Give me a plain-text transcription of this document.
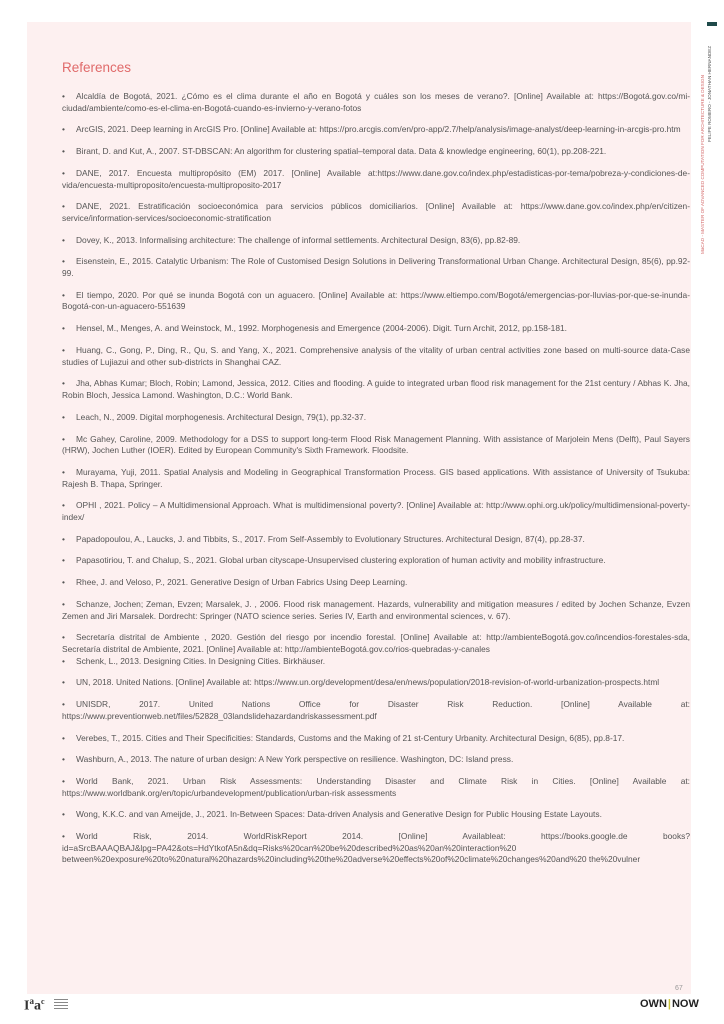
MaCAD - MASTER OF ADVANCED COMPUTATION FOR ARCHITECTURE & DESIGN FELIPE ROMERO - JONATHAN HERNANDEZ
References

• Alcaldía de Bogotá, 2021. ¿Cómo es el clima durante el año en Bogotá y cuáles son los meses de verano?. [Online] Available at: https://Bogotá.gov.co/mi-ciudad/ambiente/como-es-el-clima-en-Bogotá-cuando-es-invierno-y-verano-fotos

• ArcGIS, 2021. Deep learning in ArcGIS Pro. [Online] Available at: https://pro.arcgis.com/en/pro-app/2.7/help/analysis/image-analyst/deep-learning-in-arcgis-pro.htm

• Birant, D. and Kut, A., 2007. ST-DBSCAN: An algorithm for clustering spatial–temporal data. Data & knowledge engineering, 60(1), pp.208-221.

• DANE, 2017. Encuesta multipropósito (EM) 2017. [Online] Available at:https://www.dane.gov.co/index.php/estadisticas-por-tema/pobreza-y-condiciones-de-vida/encuesta-multiproposito/encuesta-multiproposito-2017

• DANE, 2021. Estratificación socioeconómica para servicios públicos domiciliarios. [Online] Available at: https://www.dane.gov.co/index.php/en/citizen-service/information-services/socioeconomic-stratification

• Dovey, K., 2013. Informalising architecture: The challenge of informal settlements. Architectural Design, 83(6), pp.82-89.

• Eisenstein, E., 2015. Catalytic Urbanism: The Role of Customised Design Solutions in Delivering Transformational Urban Change. Architectural Design, 85(6), pp.92-99.

• El tiempo, 2020. Por qué se inunda Bogotá con un aguacero. [Online] Available at: https://www.eltiempo.com/Bogotá/emergencias-por-lluvias-por-que-se-inunda-Bogotá-con-un-aguacero-551639

• Hensel, M., Menges, A. and Weinstock, M., 1992. Morphogenesis and Emergence (2004-2006). Digit. Turn Archit, 2012, pp.158-181.

• Huang, C., Gong, P., Ding, R., Qu, S. and Yang, X., 2021. Comprehensive analysis of the vitality of urban central activities zone based on multi-source data-Case studies of Lujiazui and other sub-districts in Shanghai CAZ.

• Jha, Abhas Kumar; Bloch, Robin; Lamond, Jessica, 2012. Cities and flooding. A guide to integrated urban flood risk management for the 21st century / Abhas K. Jha, Robin Bloch, Jessica Lamond. Washington, D.C.: World Bank.

• Leach, N., 2009. Digital morphogenesis. Architectural Design, 79(1), pp.32-37.

• Mc Gahey, Caroline, 2009. Methodology for a DSS to support long-term Flood Risk Management Planning. With assistance of Marjolein Mens (Delft), Paul Sayers (HRW), Jochen Luther (IOER). Edited by European Community's Sixth Framework. Floodsite.

• Murayama, Yuji, 2011. Spatial Analysis and Modeling in Geographical Transformation Process. GIS based applications. With assistance of University of Tsukuba: Rajesh B. Thapa, Springer.

• OPHI , 2021. Policy – A Multidimensional Approach. What is multidimensional poverty?. [Online] Available at: http://www.ophi.org.uk/policy/multidimensional-poverty-index/

• Papadopoulou, A., Laucks, J. and Tibbits, S., 2017. From Self-Assembly to Evolutionary Structures. Architectural Design, 87(4), pp.28-37.

• Papasotiriou, T. and Chalup, S., 2021. Global urban cityscape-Unsupervised clustering exploration of human activity and mobility infrastructure.

• Rhee, J. and Veloso, P., 2021. Generative Design of Urban Fabrics Using Deep Learning.

• Schanze, Jochen; Zeman, Evzen; Marsalek, J. , 2006. Flood risk management. Hazards, vulnerability and mitigation measures / edited by Jochen Schanze, Evzen Zemen and Jiri Marsalek. Dordrecht: Springer (NATO science series. Series IV, Earth and environmental sciences, v. 67).

• Secretaría distrital de Ambiente , 2020. Gestión del riesgo por incendio forestal. [Online] Available at: http://ambienteBogotá.gov.co/incendios-forestales-sda, Secretaría distrital de Ambiente, 2021. [Online] Available at: http://ambienteBogotá.gov.co/rios-quebradas-y-canales

• Schenk, L., 2013. Designing Cities. In Designing Cities. Birkhäuser.

• UN, 2018. United Nations. [Online] Available at: https://www.un.org/development/desa/en/news/population/2018-revision-of-world-urbanization-prospects.html

• UNISDR, 2017. United Nations Office for Disaster Risk Reduction. [Online] Available at: https://www.preventionweb.net/files/52828_03landslidehazardandriskassessment.pdf

• Verebes, T., 2015. Cities and Their Specificities: Standards, Customs and the Making of 21 st-Century Urbanity. Architectural Design, 6(85), pp.8-17.

• Washburn, A., 2013. The nature of urban design: A New York perspective on resilience. Washington, DC: Island press.

• World Bank, 2021. Urban Risk Assessments: Understanding Disaster and Climate Risk in Cities. [Online] Available at: https://www.worldbank.org/en/topic/urbandevelopment/publication/urban-risk assessments

• Wong, K.K.C. and van Ameijde, J., 2021. In-Between Spaces: Data-driven Analysis and Generative Design for Public Housing Estate Layouts.

• World Risk, 2014. WorldRiskReport 2014. [Online] Availableat: https://books.google.de books?id=aSrcBAAAQBAJ&lpg=PA42&ots=HdYtkofA5n&dq=Risks%20can%20be%20described%20as%20an%20interaction%20 between%20exposure%20to%20natural%20hazards%20including%20the%20adverse%20effects%20of%20climate%20changes%20and%20 the%20vulner

67
$I^aa^c$	OWN|NOW
